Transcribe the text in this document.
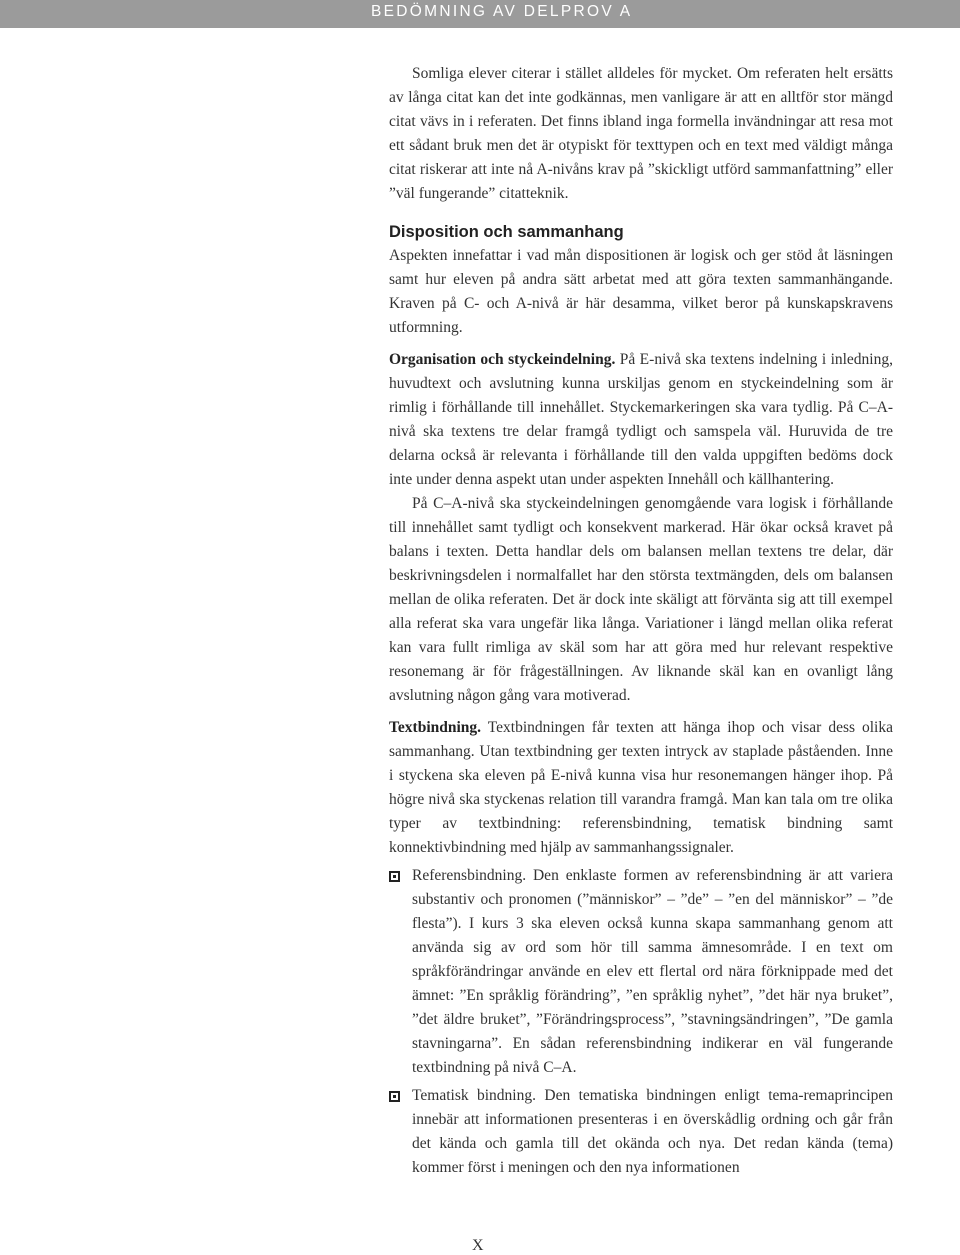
BEDÖMNING AV DELPROV A

Somliga elever citerar i stället alldeles för mycket. Om referaten helt ersätts av långa citat kan det inte godkännas, men vanligare är att en alltför stor mängd citat vävs in i referaten. Det finns ibland inga formella invändningar att resa mot ett sådant bruk men det är otypiskt för texttypen och en text med väldigt många citat riskerar att inte nå A-nivåns krav på ”skickligt utförd sammanfattning” eller ”väl fungerande” citatteknik.

Disposition och sammanhang

Aspekten innefattar i vad mån dispositionen är logisk och ger stöd åt läsningen samt hur eleven på andra sätt arbetat med att göra texten sammanhängande. Kraven på C- och A-nivå är här desamma, vilket beror på kunskapskravens utformning.

Organisation och styckeindelning. På E-nivå ska textens indelning i inledning, huvudtext och avslutning kunna urskiljas genom en styckeindelning som är rimlig i förhållande till innehållet. Styckemarkeringen ska vara tydlig. På C–A-nivå ska textens tre delar framgå tydligt och samspela väl. Huruvida de tre delarna också är relevanta i förhållande till den valda uppgiften bedöms dock inte under denna aspekt utan under aspekten Innehåll och källhantering.

På C–A-nivå ska styckeindelningen genomgående vara logisk i förhållande till innehållet samt tydligt och konsekvent markerad. Här ökar också kravet på balans i texten. Detta handlar dels om balansen mellan textens tre delar, där beskrivningsdelen i normalfallet har den största textmängden, dels om balansen mellan de olika referaten. Det är dock inte skäligt att förvänta sig att till exempel alla referat ska vara ungefär lika långa. Variationer i längd mellan olika referat kan vara fullt rimliga av skäl som har att göra med hur relevant respektive resonemang är för frågeställningen. Av liknande skäl kan en ovanligt lång avslutning någon gång vara motiverad.

Textbindning. Textbindningen får texten att hänga ihop och visar dess olika sammanhang. Utan textbindning ger texten intryck av staplade påståenden. Inne i styckena ska eleven på E-nivå kunna visa hur resonemangen hänger ihop. På högre nivå ska styckenas relation till varandra framgå. Man kan tala om tre olika typer av textbindning: referensbindning, tematisk bindning samt konnektivbindning med hjälp av sammanhangssignaler.

Referensbindning. Den enklaste formen av referensbindning är att variera substantiv och pronomen (”människor” – ”de” – ”en del människor” – ”de flesta”). I kurs 3 ska eleven också kunna skapa sammanhang genom att använda sig av ord som hör till samma ämnesområde. I en text om språkförändringar använde en elev ett flertal ord nära förknippade med det ämnet: ”En språklig förändring”, ”en språklig nyhet”, ”det här nya bruket”, ”det äldre bruket”, ”Förändringsprocess”, ”stavningsändringen”, ”De gamla stavningarna”. En sådan referensbindning indikerar en väl fungerande textbindning på nivå C–A.
Tematisk bindning. Den tematiska bindningen enligt tema-remaprincipen innebär att informationen presenteras i en överskådlig ordning och går från det kända och gamla till det okända och nya. Det redan kända (tema) kommer först i meningen och den nya informationen
X
